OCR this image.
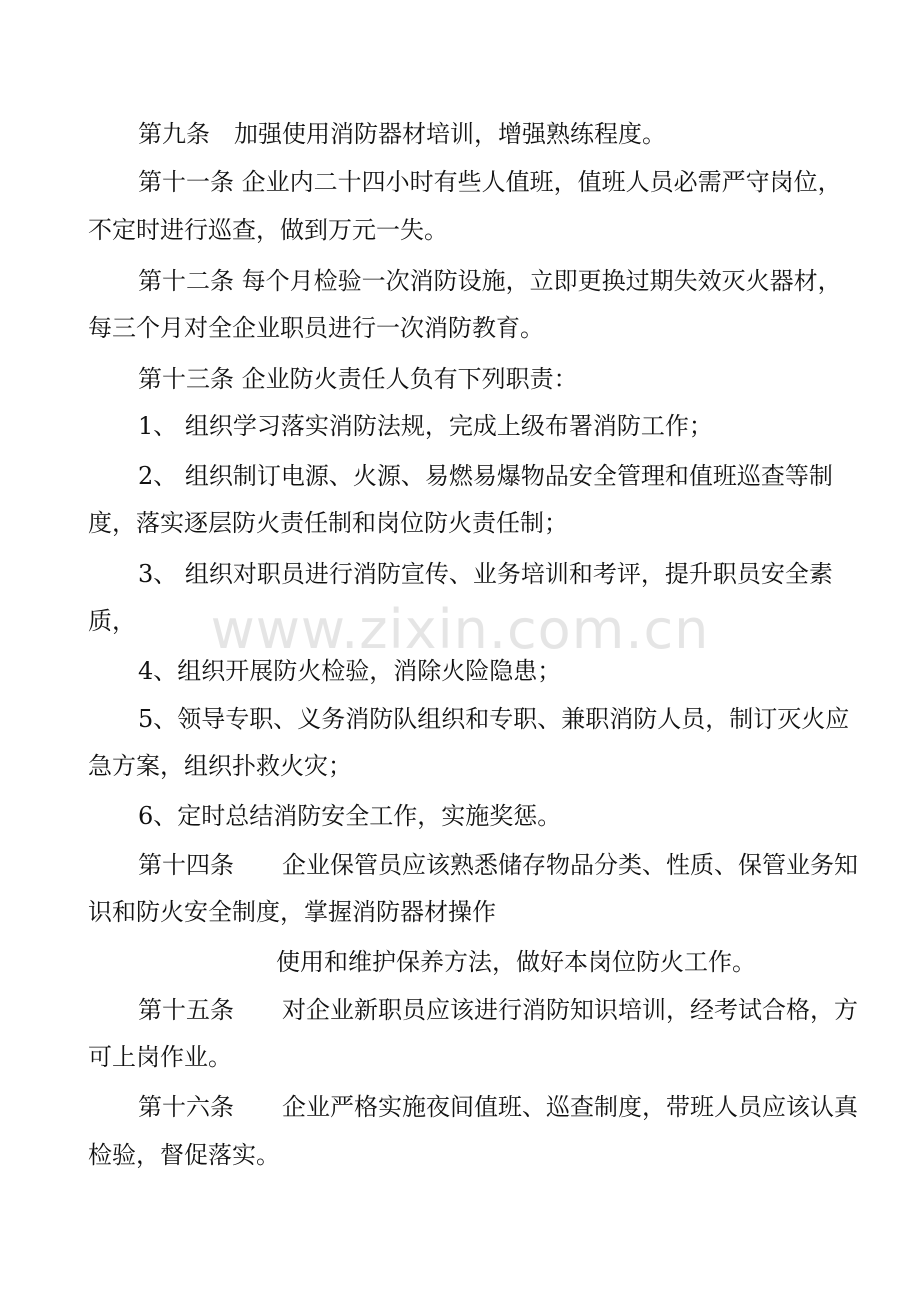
第九条　加强使用消防器材培训，增强熟练程度。
第十一条 企业内二十四小时有些人值班，值班人员必需严守岗位，
不定时进行巡查，做到万元一失。
第十二条 每个月检验一次消防设施，立即更换过期失效灭火器材，
每三个月对全企业职员进行一次消防教育。
第十三条 企业防火责任人负有下列职责：
1、 组织学习落实消防法规，完成上级布署消防工作；
2、 组织制订电源、火源、易燃易爆物品安全管理和值班巡查等制
度，落实逐层防火责任制和岗位防火责任制；
3、 组织对职员进行消防宣传、业务培训和考评，提升职员安全素
质，
4、组织开展防火检验，消除火险隐患；
5、领导专职、义务消防队组织和专职、兼职消防人员，制订灭火应
急方案，组织扑救火灾；
6、定时总结消防安全工作，实施奖惩。
第十四条　　企业保管员应该熟悉储存物品分类、性质、保管业务知
识和防火安全制度，掌握消防器材操作
使用和维护保养方法，做好本岗位防火工作。
第十五条　　对企业新职员应该进行消防知识培训，经考试合格，方
可上岗作业。
第十六条　　企业严格实施夜间值班、巡查制度，带班人员应该认真
检验，督促落实。
www.zixin.com.cn
